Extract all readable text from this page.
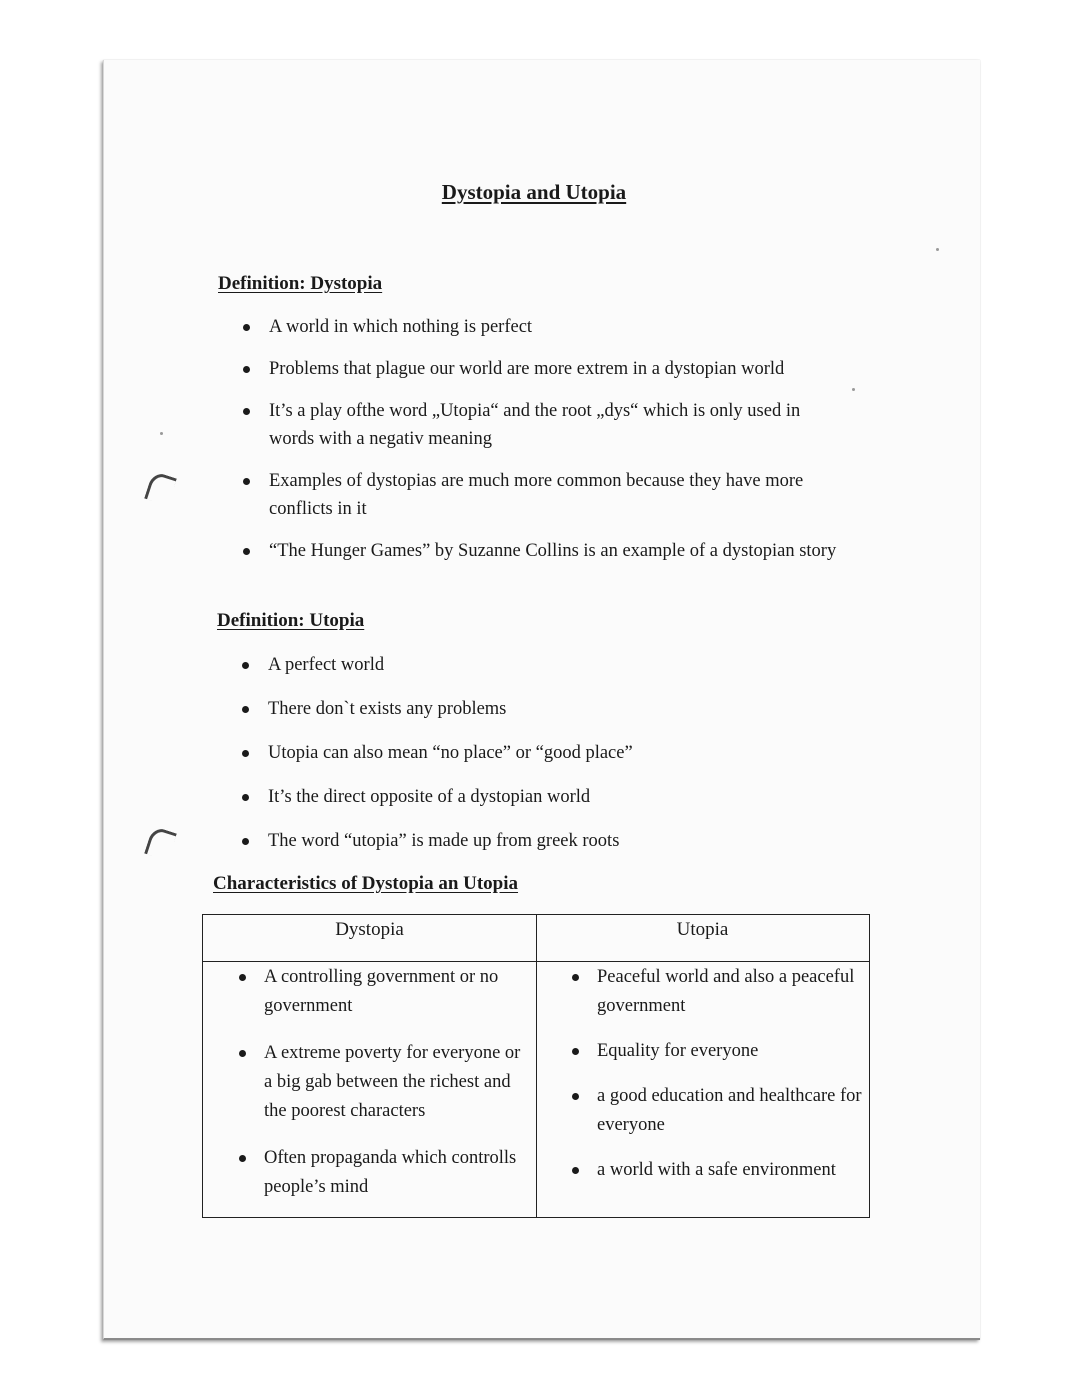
Dystopia and Utopia
Definition: Dystopia
A world in which nothing is perfect
Problems that plague our world are more extrem in a dystopian world
It’s a play ofthe word „Utopia“ and the root „dys“ which is only used in words with a negativ meaning
Examples of dystopias are much more common because they have more conflicts in it
“The Hunger Games” by Suzanne Collins is an example of a dystopian story
Definition: Utopia
A perfect world
There don`t exists any problems
Utopia can also mean “no place” or “good place”
It’s the direct opposite of a dystopian world
The word “utopia” is made up from greek roots
Characteristics of Dystopia an Utopia
Dystopia	Utopia
A controlling government or no government
A extreme poverty for everyone or a big gab between the richest and the poorest characters
Often propaganda which controlls people’s mind
Peaceful world and also a peaceful government
Equality for everyone
a good education and healthcare for everyone
a world with a safe environment
